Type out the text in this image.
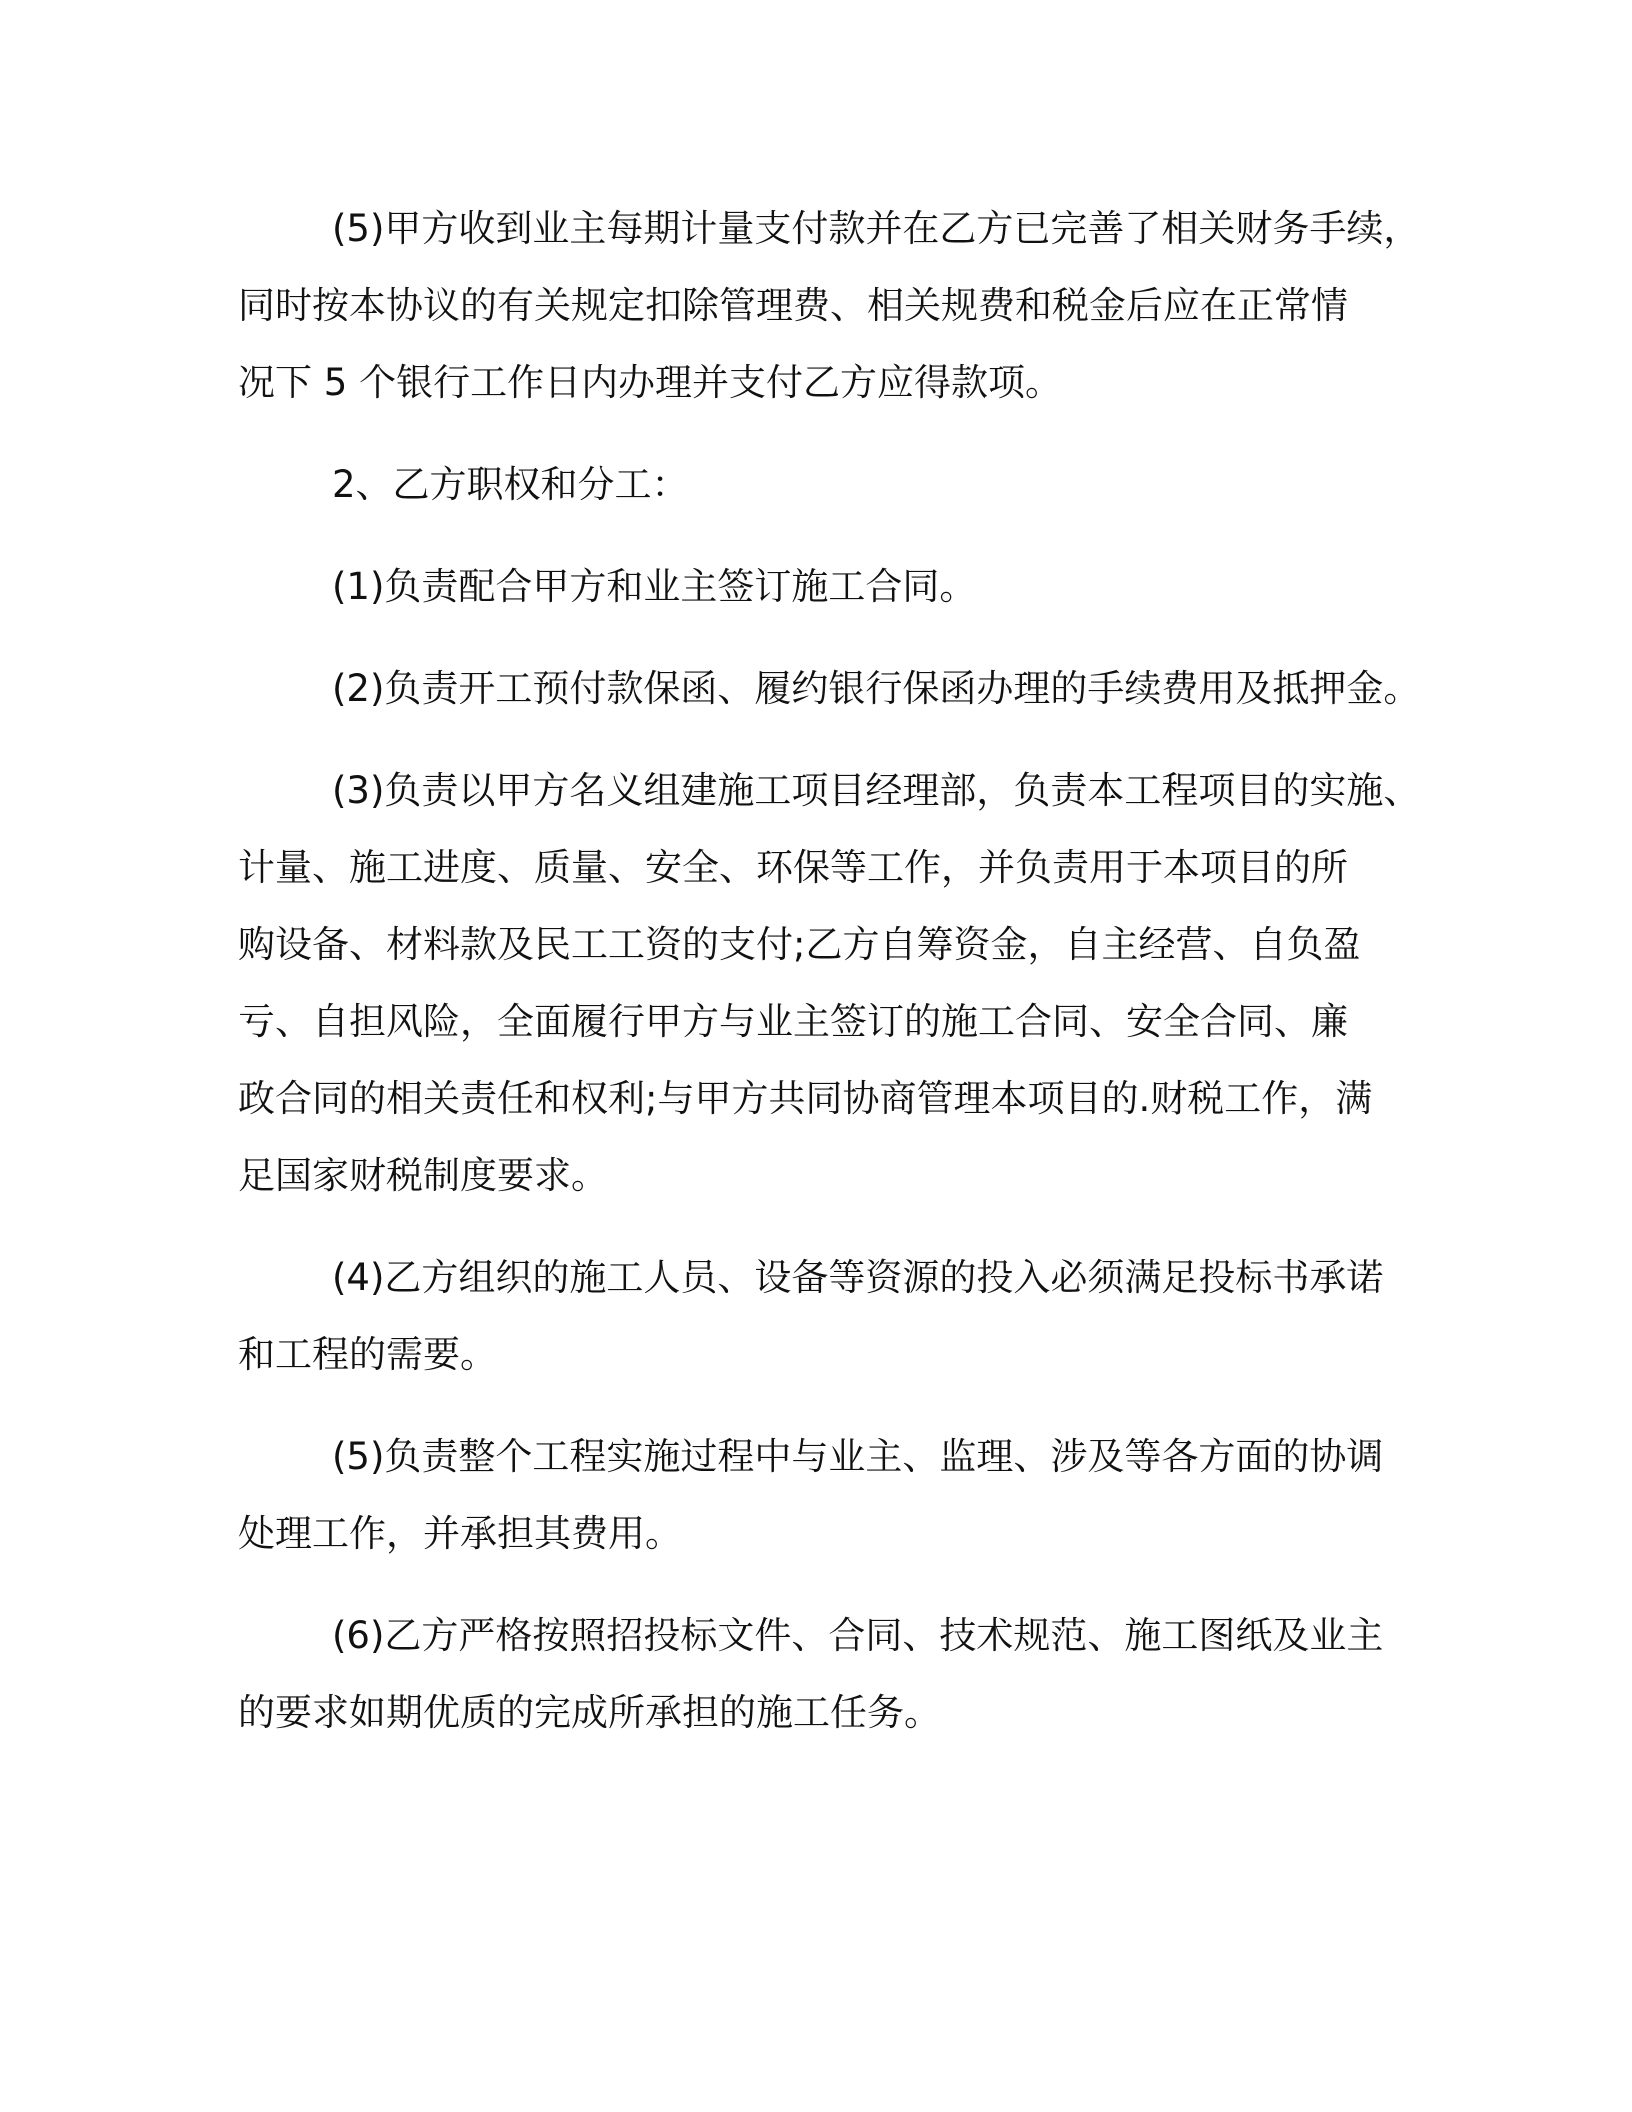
(5)甲方收到业主每期计量支付款并在乙方已完善了相关财务手续，
同时按本协议的有关规定扣除管理费、相关规费和税金后应在正常情
况下 5 个银行工作日内办理并支付乙方应得款项。
2、乙方职权和分工：
(1)负责配合甲方和业主签订施工合同。
(2)负责开工预付款保函、履约银行保函办理的手续费用及抵押金。
(3)负责以甲方名义组建施工项目经理部，负责本工程项目的实施、
计量、施工进度、质量、安全、环保等工作，并负责用于本项目的所
购设备、材料款及民工工资的支付;乙方自筹资金，自主经营、自负盈
亏、自担风险，全面履行甲方与业主签订的施工合同、安全合同、廉
政合同的相关责任和权利;与甲方共同协商管理本项目的.财税工作，满
足国家财税制度要求。
(4)乙方组织的施工人员、设备等资源的投入必须满足投标书承诺
和工程的需要。
(5)负责整个工程实施过程中与业主、监理、涉及等各方面的协调
处理工作，并承担其费用。
(6)乙方严格按照招投标文件、合同、技术规范、施工图纸及业主
的要求如期优质的完成所承担的施工任务。
